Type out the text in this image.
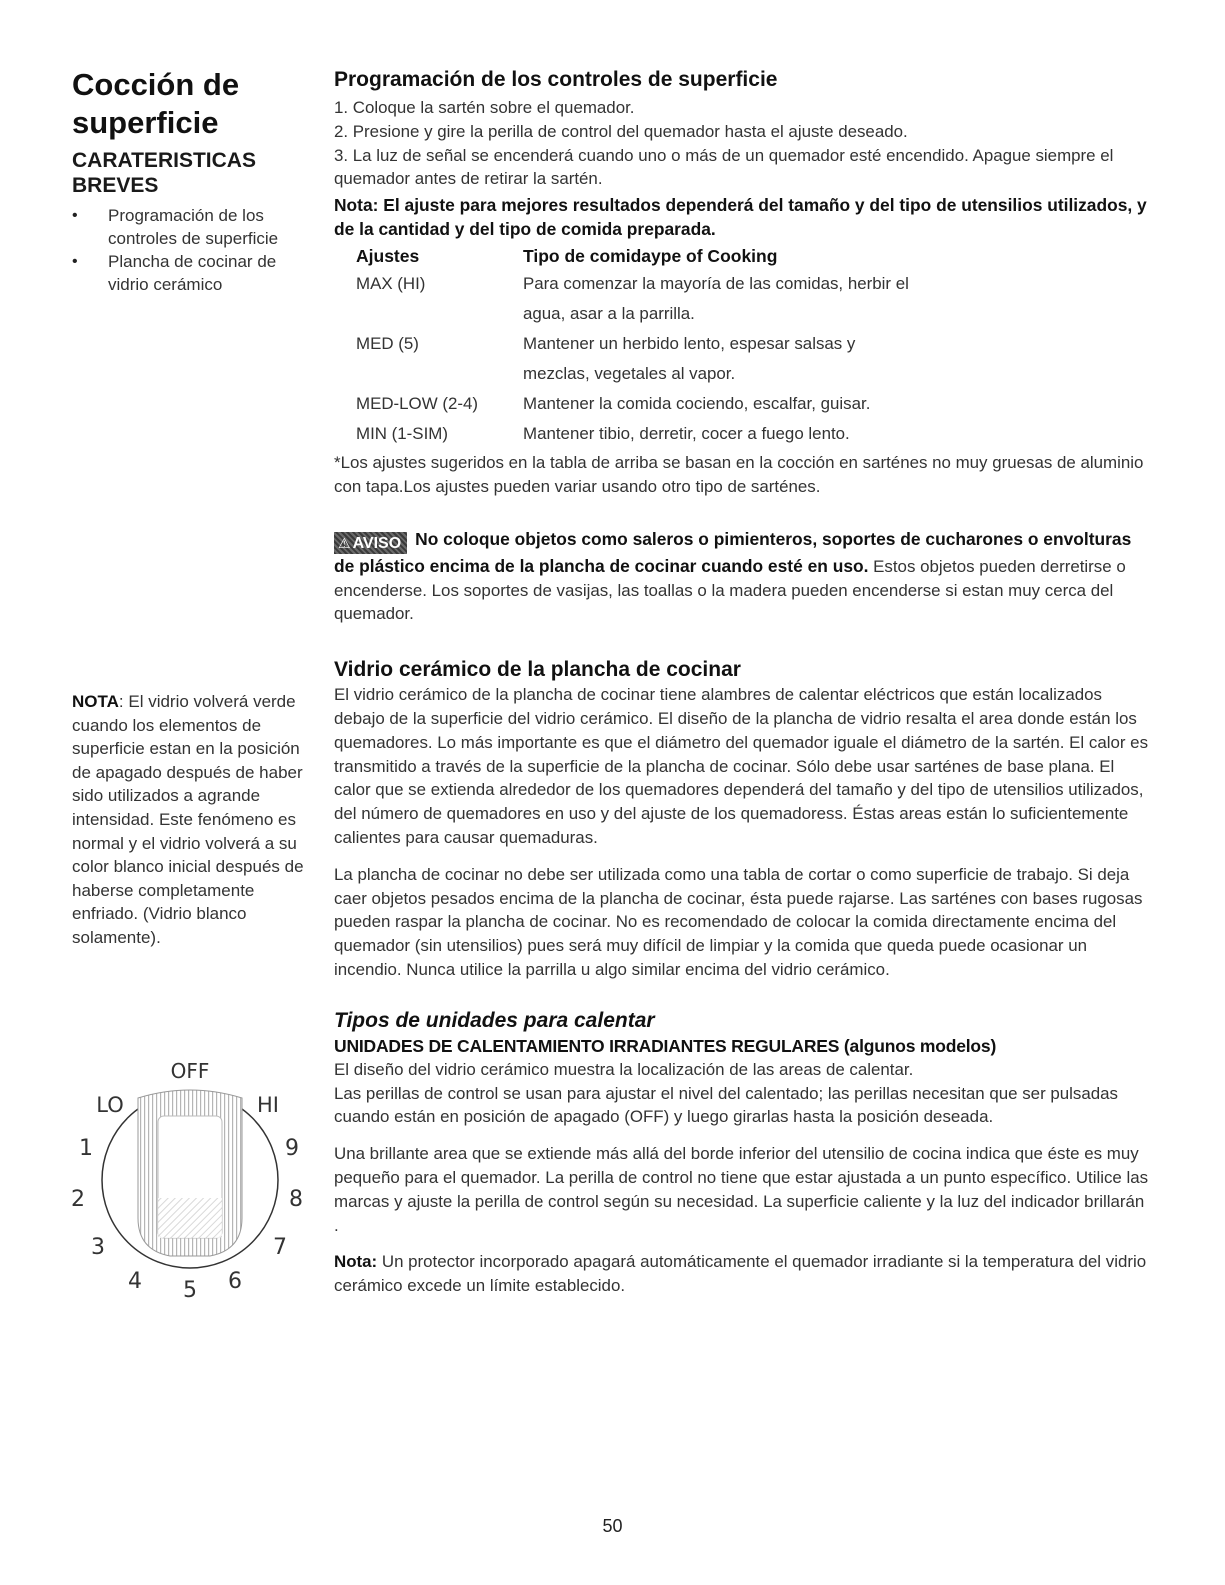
Cocción de superficie
CARATERISTICAS BREVES
• Programación de los controles de superficie
• Plancha de cocinar de vidrio cerámico
NOTA: El vidrio volverá verde cuando los elementos de superficie estan en la posición de apagado después de haber sido utilizados a agrande intensidad. Este fenómeno es normal y el vidrio volverá a su color blanco inicial después de haberse completamente enfriado. (Vidrio blanco solamente).
OFF
LO	HI
1
2
3
4 5 6
7
8
9
Programación de los controles de superficie

1. Coloque la sartén sobre el quemador.

2. Presione y gire la perilla de control del quemador hasta el ajuste deseado.

3. La luz de señal se encenderá cuando uno o más de un quemador esté encendido. Apague siempre el quemador antes de retirar la sartén.

Nota: El ajuste para mejores resultados dependerá del tamaño y del tipo de utensilios utilizados, y de la cantidad y del tipo de comida preparada.

Ajustes	Tipo de comidaype of Cooking
MAX (HI)	Para comenzar la mayoría de las comidas, herbir el
	agua, asar a la parrilla.
MED (5)	Mantener un herbido lento, espesar salsas y
	mezclas, vegetales al vapor.
MED-LOW (2-4)	Mantener la comida cociendo, escalfar, guisar.
MIN (1-SIM)	Mantener tibio, derretir, cocer a fuego lento.

*Los ajustes sugeridos en la tabla de arriba se basan en la cocción en sarténes no muy gruesas de aluminio con tapa.Los ajustes pueden variar usando otro tipo de sarténes.

⚠ AVISO No coloque objetos como saleros o pimienteros, soportes de cucharones o envolturas de plástico encima de la plancha de cocinar cuando esté en uso. Estos objetos pueden derretirse o encenderse. Los soportes de vasijas, las toallas o la madera pueden encenderse si estan muy cerca del quemador.

Vidrio cerámico de la plancha de cocinar

El vidrio cerámico de la plancha de cocinar tiene alambres de calentar eléctricos que están localizados debajo de la superficie del vidrio cerámico. El diseño de la plancha de vidrio resalta el area donde están los quemadores. Lo más importante es que el diámetro del quemador iguale el diámetro de la sartén. El calor es transmitido a través de la superficie de la plancha de cocinar. Sólo debe usar sarténes de base plana. El calor que se extienda alrededor de los quemadores dependerá del tamaño y del tipo de utensilios utilizados, del número de quemadores en uso y del ajuste de los quemadoress. Éstas areas están lo suficientemente calientes para causar quemaduras.

La plancha de cocinar no debe ser utilizada como una tabla de cortar o como superficie de trabajo. Si deja caer objetos pesados encima de la plancha de cocinar, ésta puede rajarse. Las sarténes con bases rugosas pueden raspar la plancha de cocinar. No es recomendado de colocar la comida directamente encima del quemador (sin utensilios) pues será muy difícil de limpiar y la comida que queda puede ocasionar un incendio. Nunca utilice la parrilla u algo similar encima del vidrio cerámico.

Tipos de unidades para calentar
UNIDADES DE CALENTAMIENTO IRRADIANTES REGULARES (algunos modelos)

El diseño del vidrio cerámico muestra la localización de las areas de calentar.

Las perillas de control se usan para ajustar el nivel del calentado; las perillas necesitan que ser pulsadas cuando están en posición de apagado (OFF) y luego girarlas hasta la posición deseada.

Una brillante area que se extiende más allá del borde inferior del utensilio de cocina indica que éste es muy pequeño para el quemador. La perilla de control no tiene que estar ajustada a un punto específico. Utilice las marcas y ajuste la perilla de control según su necesidad. La superficie caliente y la luz del indicador brillarán .

Nota: Un protector incorporado apagará automáticamente el quemador irradiante si la temperatura del vidrio cerámico excede un límite establecido.

50
